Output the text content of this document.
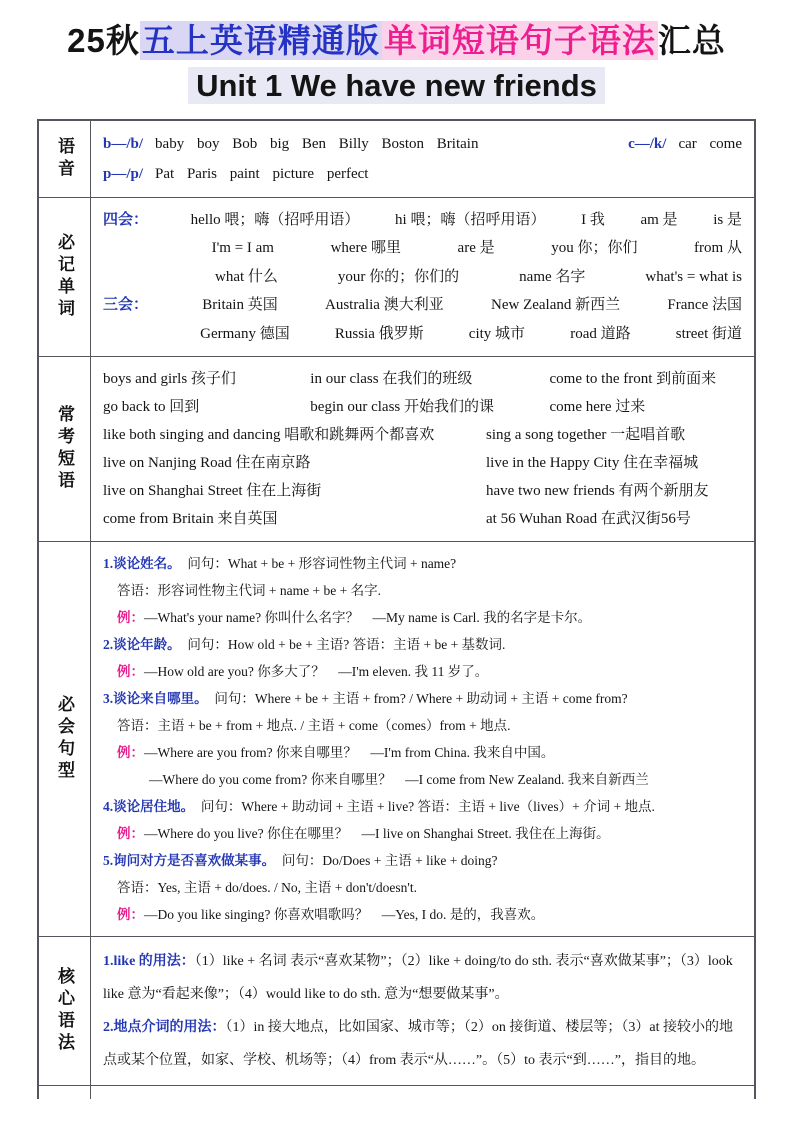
25秋五上英语精通版 单词短语句子语法汇总
Unit 1 We have new friends
语音 b—/b/ baby boy Bob big Ben Billy Boston Britain	c—/k/ car come
p—/p/ Pat Paris paint picture perfect
必记单词
四会：	hello 喂；嗨（招呼用语） hi 喂；嗨（招呼用语） I 我 am 是 is 是
I'm = I am	where 哪里	are 是	you 你；你们	from 从
what 什么	your 你的；你们的	name 名字	what's = what is
三会：	Britain 英国	Australia 澳大利亚	New Zealand 新西兰	France 法国
Germany 德国	Russia 俄罗斯	city 城市	road 道路	street 街道
常考短语
boys and girls 孩子们	in our class 在我们的班级	come to the front 到前面来
go back to 回到	begin our class 开始我们的课	come here 过来
like both singing and dancing 唱歌和跳舞两个都喜欢	sing a song together 一起唱首歌
live on Nanjing Road 住在南京路	live in the Happy City 住在幸福城
live on Shanghai Street 住在上海街	have two new friends 有两个新朋友
come from Britain 来自英国	at 56 Wuhan Road 在武汉街56号
必会句型
1.谈论姓名。　问句：What + be + 形容词性物主代词 + name?
答语：形容词性物主代词 + name + be + 名字.
例：—What's your name? 你叫什么名字？　—My name is Carl. 我的名字是卡尔。
2.谈论年龄。　问句：How old + be + 主语? 答语：主语 + be + 基数词.
例：—How old are you? 你多大了？　—I'm eleven. 我 11 岁了。
3.谈论来自哪里。　问句：Where + be + 主语 + from? / Where + 助动词 + 主语 + come from?
答语：主语 + be + from + 地点. / 主语 + come（comes）from + 地点.
例：—Where are you from? 你来自哪里？　—I'm from China. 我来自中国。
—Where do you come from? 你来自哪里？　—I come from New Zealand. 我来自新西兰
4.谈论居住地。　问句：Where + 助动词 + 主语 + live? 答语：主语 + live（lives）+ 介词 + 地点.
例：—Where do you live? 你住在哪里？　—I live on Shanghai Street. 我住在上海街。
5.询问对方是否喜欢做某事。　问句：Do/Does + 主语 + like + doing?
答语：Yes, 主语 + do/does. / No, 主语 + don't/doesn't.
例：—Do you like singing? 你喜欢唱歌吗？　—Yes, I do. 是的，我喜欢。
核心语法
1.like 的用法：（1）like + 名词 表示“喜欢某物”；（2）like + doing/to do sth. 表示“喜欢做某事”；（3）look like 意为“看起来像”；（4）would like to do sth. 意为“想要做某事”。
2.地点介词的用法：（1）in 接大地点，比如国家、城市等；（2）on 接街道、楼层等；（3）at 接较小的地点或某个位置，如家、学校、机场等；（4）from 表示“从……”。（5）to 表示“到……”，指目的地。
